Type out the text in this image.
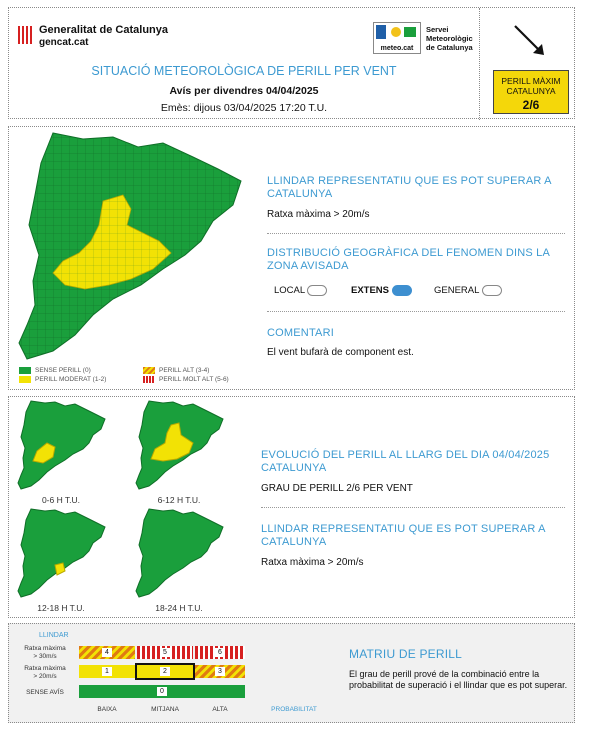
Generalitat de Catalunya
gencat.cat
meteo.cat
Servei
Meteorològic
de Catalunya
PERILL MÀXIM
CATALUNYA
2/6
SITUACIÓ METEOROLÒGICA DE PERILL PER VENT
Avís per divendres 04/04/2025
Emès: dijous 03/04/2025 17:20 T.U.
SENSE PERILL (0)
PERILL MODERAT (1-2)
PERILL ALT (3-4)
PERILL MOLT ALT (5-6)
LLINDAR REPRESENTATIU QUE ES POT SUPERAR A
CATALUNYA
Ratxa màxima > 20m/s
DISTRIBUCIÓ GEOGRÀFICA DEL FENOMEN DINS LA
ZONA AVISADA
LOCAL	EXTENS	GENERAL
COMENTARI
El vent bufarà de component est.
0-6 H T.U.	6-12 H T.U.
12-18 H T.U.	18-24 H T.U.
EVOLUCIÓ DEL PERILL AL LLARG DEL DIA 04/04/2025
CATALUNYA
GRAU DE PERILL 2/6 PER VENT
LLINDAR REPRESENTATIU QUE ES POT SUPERAR A
CATALUNYA
Ratxa màxima > 20m/s
LLINDAR
Ratxa màxima
> 30m/s
Ratxa màxima
> 20m/s
SENSE AVÍS
4	5	6
1	2	3
0
BAIXA	MITJANA	ALTA	PROBABILITAT
MATRIU DE PERILL
El grau de perill prové de la combinació entre la probabilitat de superació i el llindar que es pot superar.
